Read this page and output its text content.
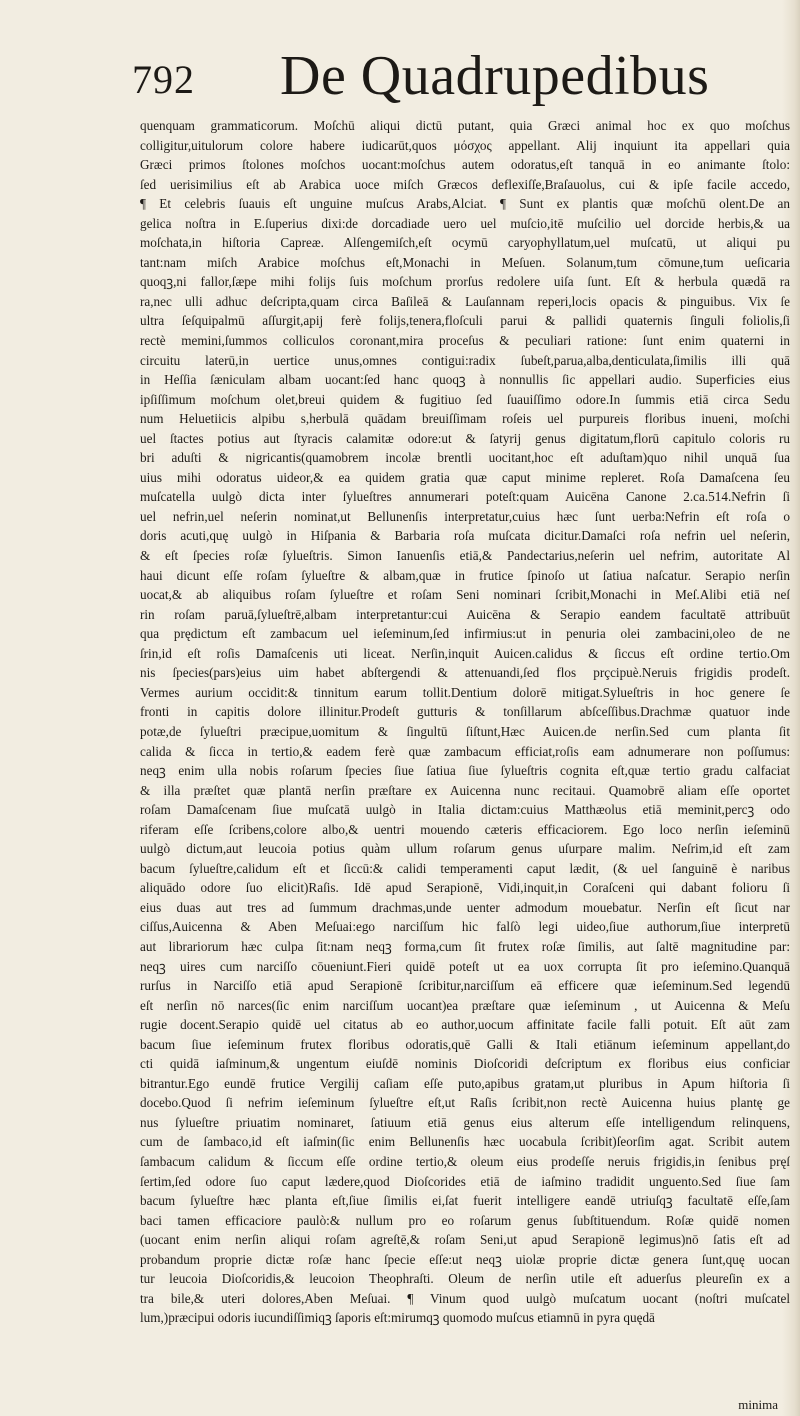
792 De Quadrupedibus
quenquam grammaticorum. Moſchū aliqui dictū putant, quia Græci animal hoc ex quo moſchus
colligitur,uitulorum colore habere iudicarūt,quos μόσχος appellant. Alij inquiunt ita appellari quia
Græci primos ſtolones moſchos uocant:moſchus autem odoratus,eſt tanquā in eo animante ſtolo:
ſed uerisimilius eſt ab Arabica uoce miſch Græcos deflexiſſe,Braſauolus, cui & ipſe facile accedo,
¶ Et celebris ſuauis eſt unguine muſcus Arabs,Alciat. ¶ Sunt ex plantis quæ moſchū olent.De an
gelica noſtra in E.ſuperius dixi:de dorcadiade uero uel muſcio,itē muſcilio uel dorcide herbis,& ua
moſchata,in hiſtoria Capreæ. Alſengemiſch,eſt ocymū caryophyllatum,uel muſcatū, ut aliqui pu
tant:nam miſch Arabice moſchus eſt,Monachi in Meſuen. Solanum,tum cōmune,tum ueſicaria
quoqꝫ,ni fallor,ſæpe mihi folijs ſuis moſchum prorſus redolere uiſa ſunt. Eſt & herbula quædā ra
ra,nec ulli adhuc deſcripta,quam circa Baſileā & Lauſannam reperi,locis opacis & pinguibus. Vix ſe
ultra ſeſquipalmū aſſurgit,apij ferè folijs,tenera,floſculi parui & pallidi quaternis ſinguli foliolis,ſi
rectè memini,ſummos colliculos coronant,mira proceſus & peculiari ratione: ſunt enim quaterni in
circuitu laterū,in uertice unus,omnes contigui:radix ſubeſt,parua,alba,denticulata,ſimilis illi quā
in Heſſia ſæniculam albam uocant:ſed hanc quoqꝫ à nonnullis ſic appellari audio. Superficies eius
ipſiſſimum moſchum olet,breui quidem & fugitiuo ſed ſuauiſſimo odore.In ſummis etiā circa Sedu
num Heluetiicis alpibu s,herbulā quādam breuiſſimam roſeis uel purpureis floribus inueni, moſchi
uel ſtactes potius aut ſtyracis calamitæ odore:ut & ſatyrij genus digitatum,florū capitulo coloris ru
bri aduſti & nigricantis(quamobrem incolæ brentli uocitant,hoc eſt aduſtam)quo nihil unquā ſua
uius mihi odoratus uideor,& ea quidem gratia quæ caput minime repleret. Roſa Damaſcena ſeu
muſcatella uulgò dicta inter ſylueſtres annumerari poteſt:quam Auicēna Canone 2.ca.514.Nefrin ſi
uel nefrin,uel neſerin nominat,ut Bellunenſis interpretatur,cuius hæc ſunt uerba:Nefrin eſt roſa o
doris acuti,quę uulgò in Hiſpania & Barbaria roſa muſcata dicitur.Damaſci roſa nefrin uel neſerin,
& eſt ſpecies roſæ ſylueſtris. Simon Ianuenſis etiā,& Pandectarius,neſerin uel nefrim, autoritate Al
haui dicunt eſſe roſam ſylueſtre & albam,quæ in frutice ſpinoſo ut ſatiua naſcatur. Serapio nerſin
uocat,& ab aliquibus roſam ſylueſtre et roſam Seni nominari ſcribit,Monachi in Meſ.Alibi etiā neſ
rin roſam paruā,ſylueſtrē,albam interpretantur:cui Auicēna & Serapio eandem facultatē attribuūt
qua prędictum eſt zambacum uel ieſeminum,ſed infirmius:ut in penuria olei zambacini,oleo de ne
ſrin,id eſt roſis Damaſcenis uti liceat. Nerſin,inquit Auicen.calidus & ſiccus eſt ordine tertio.Om
nis ſpecies(pars)eius uim habet abſtergendi & attenuandi,ſed flos prçcipuè.Neruis frigidis prodeſt.
Vermes aurium occidit:& tinnitum earum tollit.Dentium dolorē mitigat.Sylueſtris in hoc genere ſe
fronti in capitis dolore illinitur.Prodeſt gutturis & tonſillarum abſceſſibus.Drachmæ quatuor inde
potæ,de ſylueſtri præcipue,uomitum & ſingultū ſiſtunt,Hæc Auicen.de nerſin.Sed cum planta ſit
calida & ſicca in tertio,& eadem ferè quæ zambacum efficiat,roſis eam adnumerare non poſſumus:
neqꝫ enim ulla nobis roſarum ſpecies ſiue ſatiua ſiue ſylueſtris cognita eſt,quæ tertio gradu calfaciat
& illa præſtet quæ plantā nerſin præſtare ex Auicenna nunc recitaui. Quamobrē aliam eſſe oportet
roſam Damaſcenam ſiue muſcatā uulgò in Italia dictam:cuius Matthæolus etiā meminit,percꝫ odo
riferam eſſe ſcribens,colore albo,& uentri mouendo cæteris efficaciorem. Ego loco nerſin ieſeminū
uulgò dictum,aut leucoia potius quàm ullum roſarum genus uſurpare malim. Neſrim,id eſt zam
bacum ſylueſtre,calidum eſt et ſiccū:& calidi temperamenti caput lædit, (& uel ſanguinē è naribus
aliquādo odore ſuo elicit)Raſis. Idē apud Serapionē, Vidi,inquit,in Coraſceni qui dabant folioru ſi
eius duas aut tres ad ſummum drachmas,unde uenter admodum mouebatur. Nerſin eſt ſicut nar
ciſſus,Auicenna & Aben Meſuai:ego narciſſum hic falſò legi uideo,ſiue authorum,ſiue interpretū
aut librariorum hæc culpa ſit:nam neqꝫ forma,cum ſit frutex roſæ ſimilis, aut ſaltē magnitudine par:
neqꝫ uires cum narciſſo cōueniunt.Fieri quidē poteſt ut ea uox corrupta ſit pro ieſemino.Quanquā
rurſus in Narciſſo etiā apud Serapionē ſcribitur,narciſſum eā efficere quæ ieſeminum.Sed legendū
eſt nerſin nō narces(ſic enim narciſſum uocant)ea præſtare quæ ieſeminum , ut Auicenna & Meſu
rugie docent.Serapio quidē uel citatus ab eo author,uocum affinitate facile falli potuit. Eſt aūt zam
bacum ſiue ieſeminum frutex floribus odoratis,quē Galli & Itali etiānum ieſeminum appellant,do
cti quidā iaſminum,& ungentum eiuſdē nominis Dioſcoridi deſcriptum ex floribus eius conficiar
bitrantur.Ego eundē frutice Vergilij caſiam eſſe puto,apibus gratam,ut pluribus in Apum hiſtoria ſi
docebo.Quod ſi nefrim ieſeminum ſylueſtre eſt,ut Raſis ſcribit,non rectè Auicenna huius plantę ge
nus ſylueſtre priuatim nominaret, ſatiuum etiā genus eius alterum eſſe intelligendum relinquens,
cum de ſambaco,id eſt iaſmin(ſic enim Bellunenſis hæc uocabula ſcribit)ſeorſim agat. Scribit autem
ſambacum calidum & ſiccum eſſe ordine tertio,& oleum eius prodeſſe neruis frigidis,in ſenibus pręſ
ſertim,ſed odore ſuo caput lædere,quod Dioſcorides etiā de iaſmino tradidit unguento.Sed ſiue ſam
bacum ſylueſtre hæc planta eſt,ſiue ſimilis ei,ſat fuerit intelligere eandē utriuſqꝫ facultatē eſſe,ſam
baci tamen efficaciore paulò:& nullum pro eo roſarum genus ſubſtituendum. Roſæ quidē nomen
(uocant enim nerſin aliqui roſam agreſtē,& roſam Seni,ut apud Serapionē legimus)nō ſatis eſt ad
probandum proprie dictæ roſæ hanc ſpecie eſſe:ut neqꝫ uiolæ proprie dictæ genera ſunt,quę uocan
tur leucoia Dioſcoridis,& leucoion Theophraſti. Oleum de nerſin utile eſt aduerſus pleureſin ex a
tra bile,& uteri dolores,Aben Meſuai. ¶ Vinum quod uulgò muſcatum uocant (noſtri muſcatel
lum,)præcipui odoris iucundiſſimiqꝫ ſaporis eſt:mirumqꝫ quomodo muſcus etiamnū in pyra quędā
minima
